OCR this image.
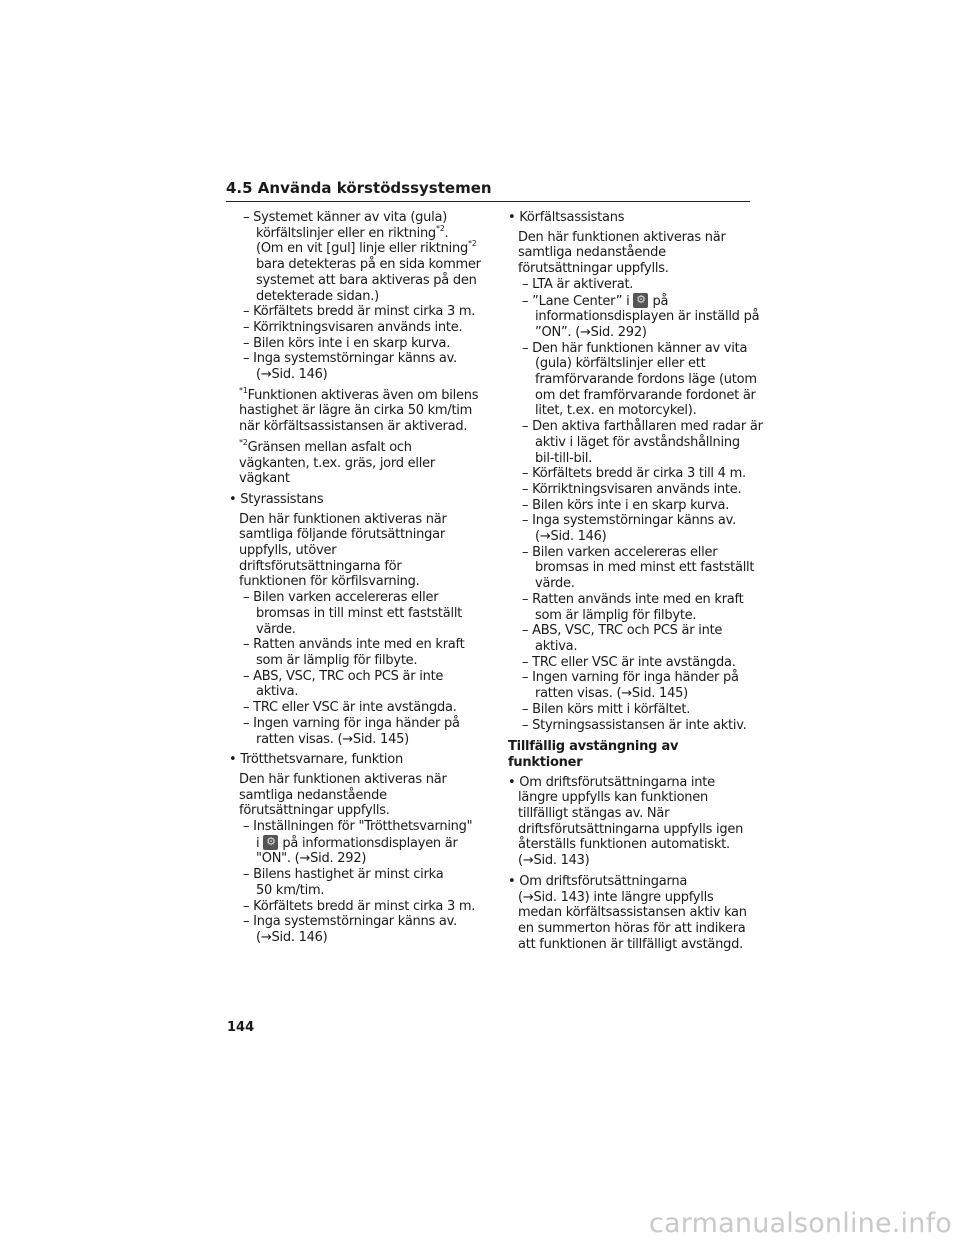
4.5 Använda körstödssystemen
– Systemet känner av vita (gula)
körfältslinjer eller en riktning$^{*2}$.
(Om en vit [gul] linje eller riktning$^{*2}$
bara detekteras på en sida kommer
systemet att bara aktiveras på den
detekterade sidan.)
– Körfältets bredd är minst cirka 3 m.
– Körriktningsvisaren används inte.
– Bilen körs inte i en skarp kurva.
– Inga systemstörningar känns av.
(→Sid. 146)
$^{*1}$Funktionen aktiveras även om bilens
hastighet är lägre än cirka 50 km/tim
när körfältsassistansen är aktiverad.
$^{*2}$Gränsen mellan asfalt och
vägkanten, t.ex. gräs, jord eller
vägkant
• Styrassistans
Den här funktionen aktiveras när
samtliga följande förutsättningar
uppfylls, utöver
driftsförutsättningarna för
funktionen för körfilsvarning.
– Bilen varken accelereras eller
bromsas in till minst ett fastställt
värde.
– Ratten används inte med en kraft
som är lämplig för filbyte.
– ABS, VSC, TRC och PCS är inte
aktiva.
– TRC eller VSC är inte avstängda.
– Ingen varning för inga händer på
ratten visas. (→Sid. 145)
• Trötthetsvarnare, funktion
Den här funktionen aktiveras när
samtliga nedanstående
förutsättningar uppfylls.
– Inställningen för "Trötthetsvarning"
i ⚙ på informationsdisplayen är
"ON". (→Sid. 292)
– Bilens hastighet är minst cirka
50 km/tim.
– Körfältets bredd är minst cirka 3 m.
– Inga systemstörningar känns av.
(→Sid. 146)
• Körfältsassistans
Den här funktionen aktiveras när
samtliga nedanstående
förutsättningar uppfylls.
– LTA är aktiverat.
– ”Lane Center” i ⚙ på
informationsdisplayen är inställd på
”ON”. (→Sid. 292)
– Den här funktionen känner av vita
(gula) körfältslinjer eller ett
framförvarande fordons läge (utom
om det framförvarande fordonet är
litet, t.ex. en motorcykel).
– Den aktiva farthållaren med radar är
aktiv i läget för avståndshållning
bil-till-bil.
– Körfältets bredd är cirka 3 till 4 m.
– Körriktningsvisaren används inte.
– Bilen körs inte i en skarp kurva.
– Inga systemstörningar känns av.
(→Sid. 146)
– Bilen varken accelereras eller
bromsas in med minst ett fastställt
värde.
– Ratten används inte med en kraft
som är lämplig för filbyte.
– ABS, VSC, TRC och PCS är inte
aktiva.
– TRC eller VSC är inte avstängda.
– Ingen varning för inga händer på
ratten visas. (→Sid. 145)
– Bilen körs mitt i körfältet.
– Styrningsassistansen är inte aktiv.
Tillfällig avstängning av funktioner
• Om driftsförutsättningarna inte
längre uppfylls kan funktionen
tillfälligt stängas av. När
driftsförutsättningarna uppfylls igen
återställs funktionen automatiskt.
(→Sid. 143)
• Om driftsförutsättningarna
(→Sid. 143) inte längre uppfylls
medan körfältsassistansen aktiv kan
en summerton höras för att indikera
att funktionen är tillfälligt avstängd.
144
carmanualsonline.info
